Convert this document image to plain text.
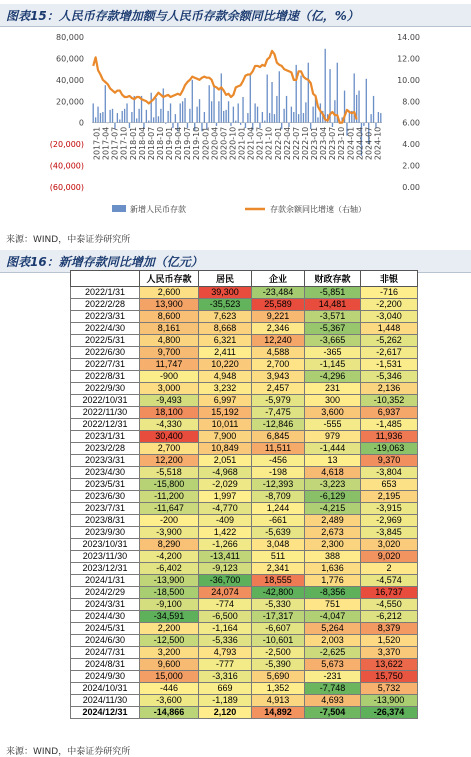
图表15：人民币存款增加额与人民币存款余额同比增速（亿，%）
80,000
60,000
40,000
20,000
0
(20,000)
(40,000)
(60,000)
14.00
12.00
10.00
8.00
6.00
4.00
2.00
0.00
2017-01 2017-04 2017-07 2017-10 2018-01 2018-04 2018-07 2018-10 2019-01 2019-04 2019-07 2019-10 2020-01 2020-04 2020-07 2020-10 2021-01 2021-04 2021-07 2021-10 2022-01 2022-04 2022-07 2022-10 2023-01 2023-04 2023-07 2023-10 2024-01 2024-04 2024-07 2024-10
新增人民币存款	存款余额同比增速（右轴）
来源：WIND，中泰证券研究所
图表16：新增存款同比增加（亿元）
	人民币存款	居民	企业	财政存款	非银
2022/1/31	2,600	39,300	-23,484	-5,851	-716
2022/2/28	13,900	-35,523	25,589	14,481	-2,200
2022/3/31	8,600	7,623	9,221	-3,571	-3,040
2022/4/30	8,161	8,668	2,346	-5,367	1,448
2022/5/31	4,800	6,321	12,240	-3,665	-5,262
2022/6/30	9,700	2,411	4,588	-365	-2,617
2022/7/31	11,747	10,220	2,700	-1,145	-1,531
2022/8/31	-900	4,948	3,943	-4,296	-5,346
2022/9/30	3,000	3,232	2,457	231	2,136
2022/10/31	-9,493	6,997	-5,979	300	-10,352
2022/11/30	18,100	15,192	-7,475	3,600	6,937
2022/12/31	-4,330	10,011	-12,846	-555	-1,485
2023/1/31	30,400	7,900	6,845	979	11,936
2023/2/28	2,700	10,849	11,511	-1,444	-19,063
2023/3/31	12,200	2,051	-456	13	9,370
2023/4/30	-5,518	-4,968	-198	4,618	-3,804
2023/5/31	-15,800	-2,029	-12,393	-3,223	653
2023/6/30	-11,200	1,997	-8,709	-6,129	2,195
2023/7/31	-11,647	-4,770	1,244	-4,215	-3,915
2023/8/31	-200	-409	-661	2,489	-2,969
2023/9/30	-3,900	1,422	-5,639	2,673	-3,845
2023/10/31	8,290	-1,266	3,048	2,300	3,020
2023/11/30	-4,200	-13,411	511	388	9,020
2023/12/31	-6,402	-9,123	2,341	1,636	2
2024/1/31	-13,900	-36,700	18,555	1,776	-4,574
2024/2/29	-18,500	24,074	-42,800	-8,356	16,737
2024/3/31	-9,100	-774	-5,330	751	-4,550
2024/4/30	-34,591	-6,500	-17,317	-4,047	-6,212
2024/5/31	2,200	-1,164	-6,607	5,264	8,379
2024/6/30	-12,500	-5,336	-10,601	2,003	1,520
2024/7/31	3,200	4,793	-2,500	-2,625	3,370
2024/8/31	9,600	-777	-5,390	5,673	13,622
2024/9/30	15,000	-3,316	5,690	-231	15,750
2024/10/31	-446	669	1,352	-7,748	5,732
2024/11/30	-3,600	-1,189	4,913	4,693	-13,900
2024/12/31	-14,866	2,120	14,892	-7,504	-26,374
来源：WIND，中泰证券研究所
